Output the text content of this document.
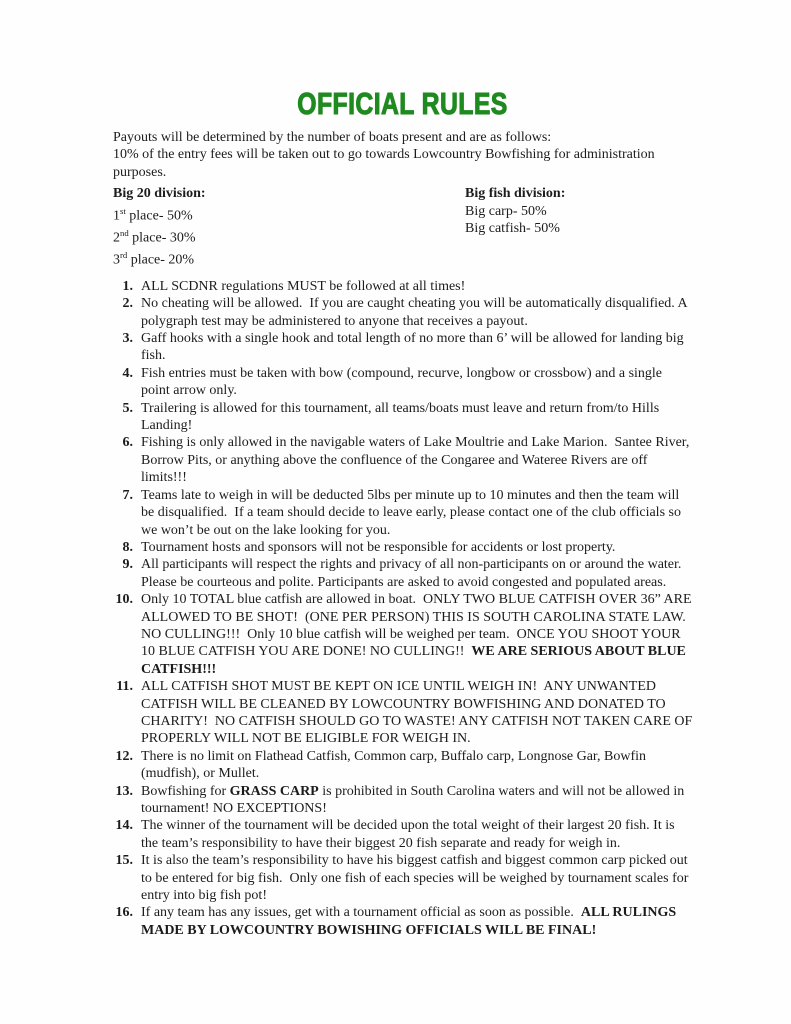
OFFICIAL RULES

Payouts will be determined by the number of boats present and are as follows:
10% of the entry fees will be taken out to go towards Lowcountry Bowfishing for administration purposes.

Big 20 division:
1st place- 50%
2nd place- 30%
3rd place- 20%
Big fish division:
Big carp- 50%
Big catfish- 50%
1. ALL SCDNR regulations MUST be followed at all times!
2. No cheating will be allowed.  If you are caught cheating you will be automatically disqualified. A polygraph test may be administered to anyone that receives a payout.
3. Gaff hooks with a single hook and total length of no more than 6’ will be allowed for landing big fish.
4. Fish entries must be taken with bow (compound, recurve, longbow or crossbow) and a single point arrow only.
5. Trailering is allowed for this tournament, all teams/boats must leave and return from/to Hills Landing!
6. Fishing is only allowed in the navigable waters of Lake Moultrie and Lake Marion.  Santee River, Borrow Pits, or anything above the confluence of the Congaree and Wateree Rivers are off limits!!!
7. Teams late to weigh in will be deducted 5lbs per minute up to 10 minutes and then the team will be disqualified.  If a team should decide to leave early, please contact one of the club officials so we won’t be out on the lake looking for you.
8. Tournament hosts and sponsors will not be responsible for accidents or lost property.
9. All participants will respect the rights and privacy of all non-participants on or around the water. Please be courteous and polite. Participants are asked to avoid congested and populated areas.
10. Only 10 TOTAL blue catfish are allowed in boat.  ONLY TWO BLUE CATFISH OVER 36” ARE ALLOWED TO BE SHOT!  (ONE PER PERSON) THIS IS SOUTH CAROLINA STATE LAW.  NO CULLING!!!  Only 10 blue catfish will be weighed per team.  ONCE YOU SHOOT YOUR 10 BLUE CATFISH YOU ARE DONE! NO CULLING!!  WE ARE SERIOUS ABOUT BLUE CATFISH!!!
11. ALL CATFISH SHOT MUST BE KEPT ON ICE UNTIL WEIGH IN!  ANY UNWANTED CATFISH WILL BE CLEANED BY LOWCOUNTRY BOWFISHING AND DONATED TO CHARITY!  NO CATFISH SHOULD GO TO WASTE! ANY CATFISH NOT TAKEN CARE OF PROPERLY WILL NOT BE ELIGIBLE FOR WEIGH IN.
12. There is no limit on Flathead Catfish, Common carp, Buffalo carp, Longnose Gar, Bowfin (mudfish), or Mullet.
13. Bowfishing for GRASS CARP is prohibited in South Carolina waters and will not be allowed in tournament! NO EXCEPTIONS!
14. The winner of the tournament will be decided upon the total weight of their largest 20 fish. It is the team’s responsibility to have their biggest 20 fish separate and ready for weigh in.
15. It is also the team’s responsibility to have his biggest catfish and biggest common carp picked out to be entered for big fish.  Only one fish of each species will be weighed by tournament scales for entry into big fish pot!
16. If any team has any issues, get with a tournament official as soon as possible.  ALL RULINGS MADE BY LOWCOUNTRY BOWISHING OFFICIALS WILL BE FINAL!
